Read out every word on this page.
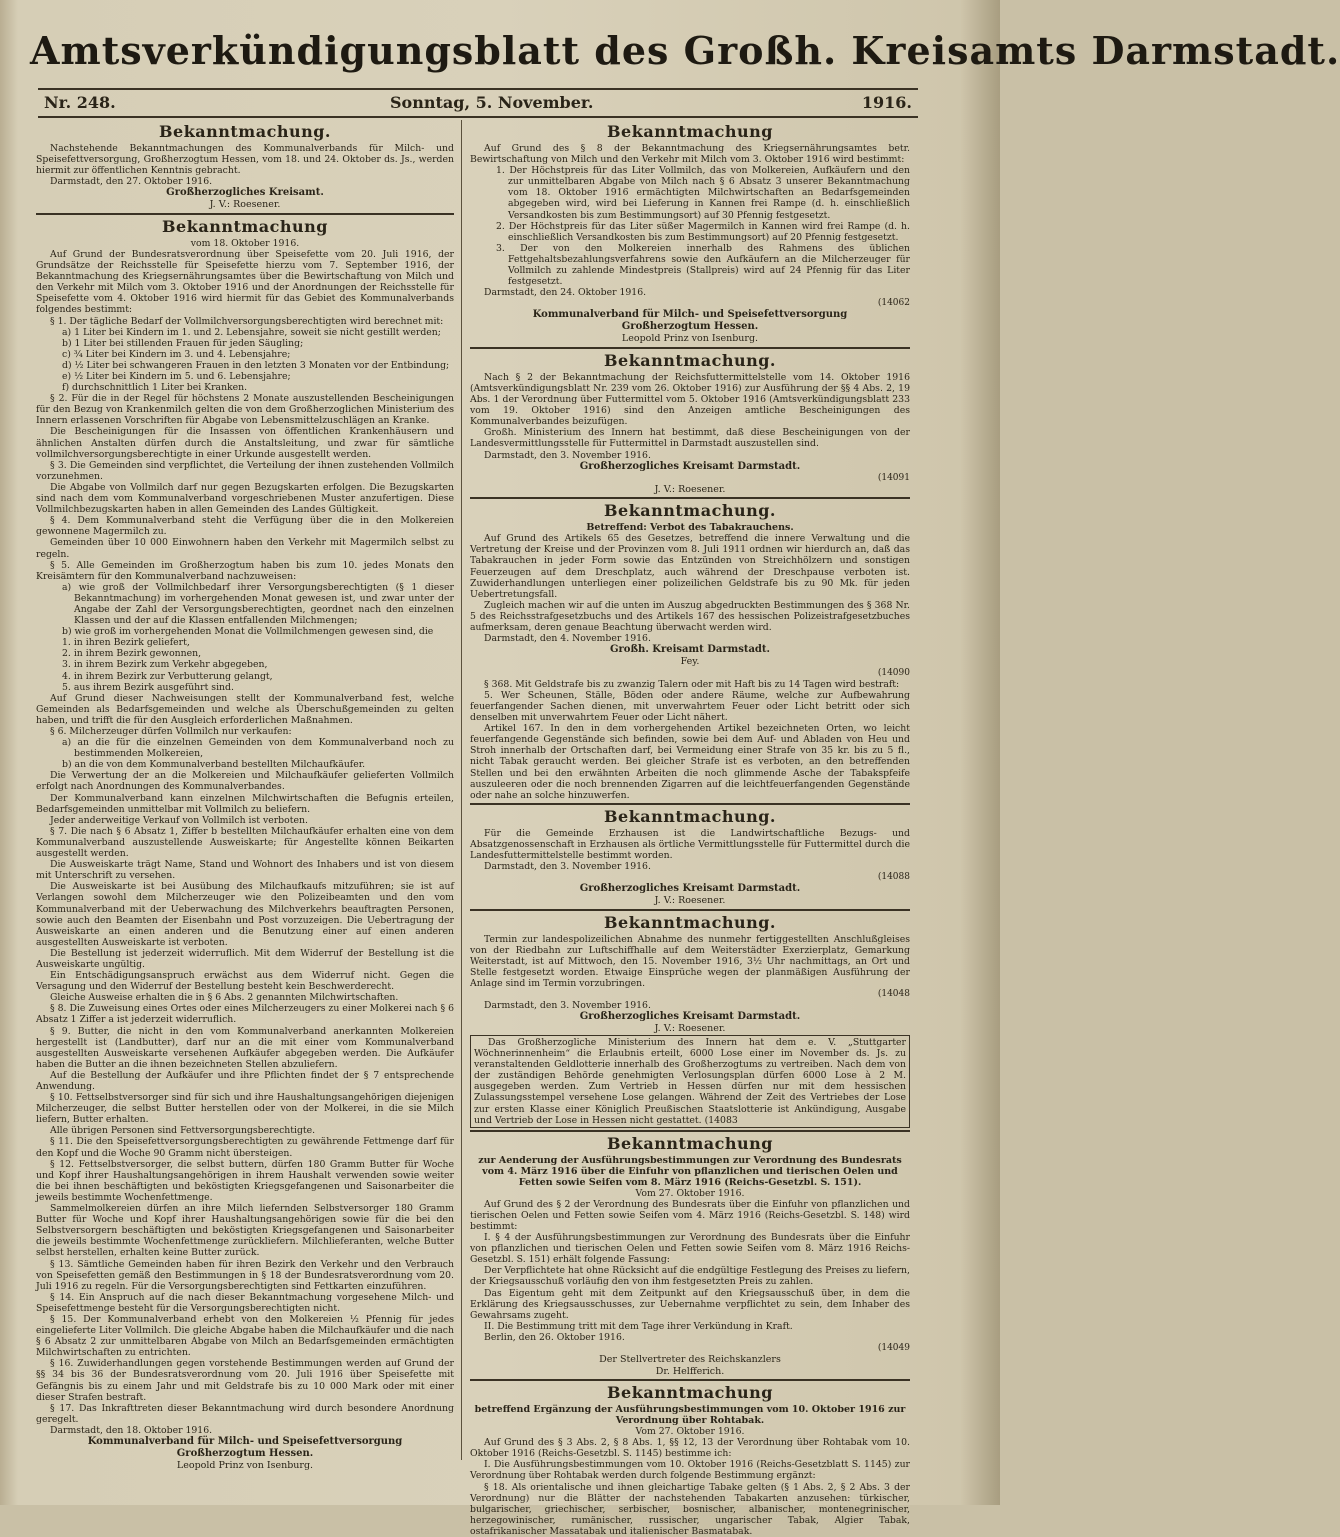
Amtsverkündigungsblatt des Großh. Kreisamts Darmstadt.
Nr. 248.	Sonntag, 5. November.	1916.
Bekanntmachung.
Nachstehende Bekanntmachungen des Kommunalverbands für Milch- und Speisefettversorgung, Großherzogtum Hessen, vom 18. und 24. Oktober ds. Js., werden hiermit zur öffentlichen Kenntnis gebracht.
Darmstadt, den 27. Oktober 1916.
Großherzogliches Kreisamt.
J. V.: Roesener.
Bekanntmachung
vom 18. Oktober 1916.
Auf Grund der Bundesratsverordnung über Speisefette vom 20. Juli 1916, der Grundsätze der Reichsstelle für Speisefette hierzu vom 7. September 1916, der Bekanntmachung des Kriegsernährungsamtes über die Bewirtschaftung von Milch und den Verkehr mit Milch vom 3. Oktober 1916 und der Anordnungen der Reichsstelle für Speisefette vom 4. Oktober 1916 wird hiermit für das Gebiet des Kommunalverbands folgendes bestimmt:
§ 1. Der tägliche Bedarf der Vollmilchversorgungsberechtigten wird berechnet mit:
a) 1 Liter bei Kindern im 1. und 2. Lebensjahre, soweit sie nicht gestillt werden;
b) 1 Liter bei stillenden Frauen für jeden Säugling;
c) ¾ Liter bei Kindern im 3. und 4. Lebensjahre;
d) ½ Liter bei schwangeren Frauen in den letzten 3 Monaten vor der Entbindung;
e) ½ Liter bei Kindern im 5. und 6. Lebensjahre;
f) durchschnittlich 1 Liter bei Kranken.
§ 2. Für die in der Regel für höchstens 2 Monate auszustellenden Bescheinigungen für den Bezug von Krankenmilch gelten die von dem Großherzoglichen Ministerium des Innern erlassenen Vorschriften für Abgabe von Lebensmittelzuschlägen an Kranke.
Die Bescheinigungen für die Insassen von öffentlichen Krankenhäusern und ähnlichen Anstalten dürfen durch die Anstaltsleitung, und zwar für sämtliche vollmilchversorgungsberechtigte in einer Urkunde ausgestellt werden.
§ 3. Die Gemeinden sind verpflichtet, die Verteilung der ihnen zustehenden Vollmilch vorzunehmen.
Die Abgabe von Vollmilch darf nur gegen Bezugskarten erfolgen. Die Bezugskarten sind nach dem vom Kommunalverband vorgeschriebenen Muster anzufertigen. Diese Vollmilchbezugskarten haben in allen Gemeinden des Landes Gültigkeit.
§ 4. Dem Kommunalverband steht die Verfügung über die in den Molkereien gewonnene Magermilch zu.
Gemeinden über 10 000 Einwohnern haben den Verkehr mit Magermilch selbst zu regeln.
§ 5. Alle Gemeinden im Großherzogtum haben bis zum 10. jedes Monats den Kreisämtern für den Kommunalverband nachzuweisen:
a) wie groß der Vollmilchbedarf ihrer Versorgungsberechtigten (§ 1 dieser Bekanntmachung) im vorhergehenden Monat gewesen ist, und zwar unter der Angabe der Zahl der Versorgungsberechtigten, geordnet nach den einzelnen Klassen und der auf die Klassen entfallenden Milchmengen;
b) wie groß im vorhergehenden Monat die Vollmilchmengen gewesen sind, die
1. in ihren Bezirk geliefert,
2. in ihrem Bezirk gewonnen,
3. in ihrem Bezirk zum Verkehr abgegeben,
4. in ihrem Bezirk zur Verbutterung gelangt,
5. aus ihrem Bezirk ausgeführt sind.
Auf Grund dieser Nachweisungen stellt der Kommunalverband fest, welche Gemeinden als Bedarfsgemeinden und welche als Überschußgemeinden zu gelten haben, und trifft die für den Ausgleich erforderlichen Maßnahmen.
§ 6. Milcherzeuger dürfen Vollmilch nur verkaufen:
a) an die für die einzelnen Gemeinden von dem Kommunalverband noch zu bestimmenden Molkereien,
b) an die von dem Kommunalverband bestellten Milchaufkäufer.
Die Verwertung der an die Molkereien und Milchaufkäufer gelieferten Vollmilch erfolgt nach Anordnungen des Kommunalverbandes.
Der Kommunalverband kann einzelnen Milchwirtschaften die Befugnis erteilen, Bedarfsgemeinden unmittelbar mit Vollmilch zu beliefern.
Jeder anderweitige Verkauf von Vollmilch ist verboten.
§ 7. Die nach § 6 Absatz 1, Ziffer b bestellten Milchaufkäufer erhalten eine von dem Kommunalverband auszustellende Ausweiskarte; für Angestellte können Beikarten ausgestellt werden.
Die Ausweiskarte trägt Name, Stand und Wohnort des Inhabers und ist von diesem mit Unterschrift zu versehen.
Die Ausweiskarte ist bei Ausübung des Milchaufkaufs mitzuführen; sie ist auf Verlangen sowohl dem Milcherzeuger wie den Polizeibeamten und den vom Kommunalverband mit der Ueberwachung des Milchverkehrs beauftragten Personen, sowie auch den Beamten der Eisenbahn und Post vorzuzeigen. Die Uebertragung der Ausweiskarte an einen anderen und die Benutzung einer auf einen anderen ausgestellten Ausweiskarte ist verboten.
Die Bestellung ist jederzeit widerruflich. Mit dem Widerruf der Bestellung ist die Ausweiskarte ungültig.
Ein Entschädigungsanspruch erwächst aus dem Widerruf nicht. Gegen die Versagung und den Widerruf der Bestellung besteht kein Beschwerderecht.
Gleiche Ausweise erhalten die in § 6 Abs. 2 genannten Milchwirtschaften.
§ 8. Die Zuweisung eines Ortes oder eines Milcherzeugers zu einer Molkerei nach § 6 Absatz 1 Ziffer a ist jederzeit widerruflich.
§ 9. Butter, die nicht in den vom Kommunalverband anerkannten Molkereien hergestellt ist (Landbutter), darf nur an die mit einer vom Kommunalverband ausgestellten Ausweiskarte versehenen Aufkäufer abgegeben werden. Die Aufkäufer haben die Butter an die ihnen bezeichneten Stellen abzuliefern.
Auf die Bestellung der Aufkäufer und ihre Pflichten findet der § 7 entsprechende Anwendung.
§ 10. Fettselbstversorger sind für sich und ihre Haushaltungsangehörigen diejenigen Milcherzeuger, die selbst Butter herstellen oder von der Molkerei, in die sie Milch liefern, Butter erhalten.
Alle übrigen Personen sind Fettversorgungsberechtigte.
§ 11. Die den Speisefettversorgungsberechtigten zu gewährende Fettmenge darf für den Kopf und die Woche 90 Gramm nicht übersteigen.
§ 12. Fettselbstversorger, die selbst buttern, dürfen 180 Gramm Butter für Woche und Kopf ihrer Haushaltungsangehörigen in ihrem Haushalt verwenden sowie weiter die bei ihnen beschäftigten und beköstigten Kriegsgefangenen und Saisonarbeiter die jeweils bestimmte Wochenfettmenge.
Sammelmolkereien dürfen an ihre Milch liefernden Selbstversorger 180 Gramm Butter für Woche und Kopf ihrer Haushaltungsangehörigen sowie für die bei den Selbstversorgern beschäftigten und beköstigten Kriegsgefangenen und Saisonarbeiter die jeweils bestimmte Wochenfettmenge zurückliefern. Milchlieferanten, welche Butter selbst herstellen, erhalten keine Butter zurück.
§ 13. Sämtliche Gemeinden haben für ihren Bezirk den Verkehr und den Verbrauch von Speisefetten gemäß den Bestimmungen in § 18 der Bundesratsverordnung vom 20. Juli 1916 zu regeln. Für die Versorgungsberechtigten sind Fettkarten einzuführen.
§ 14. Ein Anspruch auf die nach dieser Bekanntmachung vorgesehene Milch- und Speisefettmenge besteht für die Versorgungsberechtigten nicht.
§ 15. Der Kommunalverband erhebt von den Molkereien ½ Pfennig für jedes eingelieferte Liter Vollmilch. Die gleiche Abgabe haben die Milchaufkäufer und die nach § 6 Absatz 2 zur unmittelbaren Abgabe von Milch an Bedarfsgemeinden ermächtigten Milchwirtschaften zu entrichten.
§ 16. Zuwiderhandlungen gegen vorstehende Bestimmungen werden auf Grund der §§ 34 bis 36 der Bundesratsverordnung vom 20. Juli 1916 über Speisefette mit Gefängnis bis zu einem Jahr und mit Geldstrafe bis zu 10 000 Mark oder mit einer dieser Strafen bestraft.
§ 17. Das Inkrafttreten dieser Bekanntmachung wird durch besondere Anordnung geregelt.
Darmstadt, den 18. Oktober 1916.
Kommunalverband für Milch- und Speisefettversorgung
Großherzogtum Hessen.
Leopold Prinz von Isenburg.
Bekanntmachung
Auf Grund des § 8 der Bekanntmachung des Kriegsernährungsamtes betr. Bewirtschaftung von Milch und den Verkehr mit Milch vom 3. Oktober 1916 wird bestimmt:
1. Der Höchstpreis für das Liter Vollmilch, das von Molkereien, Aufkäufern und den zur unmittelbaren Abgabe von Milch nach § 6 Absatz 3 unserer Bekanntmachung vom 18. Oktober 1916 ermächtigten Milchwirtschaften an Bedarfsgemeinden abgegeben wird, wird bei Lieferung in Kannen frei Rampe (d. h. einschließlich Versandkosten bis zum Bestimmungsort) auf 30 Pfennig festgesetzt.
2. Der Höchstpreis für das Liter süßer Magermilch in Kannen wird frei Rampe (d. h. einschließlich Versandkosten bis zum Bestimmungsort) auf 20 Pfennig festgesetzt.
3. Der von den Molkereien innerhalb des Rahmens des üblichen Fettgehaltsbezahlungsverfahrens sowie den Aufkäufern an die Milcherzeuger für Vollmilch zu zahlende Mindestpreis (Stallpreis) wird auf 24 Pfennig für das Liter festgesetzt.
Darmstadt, den 24. Oktober 1916.
(14062
Kommunalverband für Milch- und Speisefettversorgung
Großherzogtum Hessen.
Leopold Prinz von Isenburg.
Bekanntmachung.
Nach § 2 der Bekanntmachung der Reichsfuttermittelstelle vom 14. Oktober 1916 (Amtsverkündigungsblatt Nr. 239 vom 26. Oktober 1916) zur Ausführung der §§ 4 Abs. 2, 19 Abs. 1 der Verordnung über Futtermittel vom 5. Oktober 1916 (Amtsverkündigungsblatt 233 vom 19. Oktober 1916) sind den Anzeigen amtliche Bescheinigungen des Kommunalverbandes beizufügen.
Großh. Ministerium des Innern hat bestimmt, daß diese Bescheinigungen von der Landesvermittlungsstelle für Futtermittel in Darmstadt auszustellen sind.
Darmstadt, den 3. November 1916.
Großherzogliches Kreisamt Darmstadt.
(14091
J. V.: Roesener.
Bekanntmachung.
Betreffend: Verbot des Tabakrauchens.
Auf Grund des Artikels 65 des Gesetzes, betreffend die innere Verwaltung und die Vertretung der Kreise und der Provinzen vom 8. Juli 1911 ordnen wir hierdurch an, daß das Tabakrauchen in jeder Form sowie das Entzünden von Streichhölzern und sonstigen Feuerzeugen auf dem Dreschplatz, auch während der Dreschpause verboten ist. Zuwiderhandlungen unterliegen einer polizeilichen Geldstrafe bis zu 90 Mk. für jeden Uebertretungsfall.
Zugleich machen wir auf die unten im Auszug abgedruckten Bestimmungen des § 368 Nr. 5 des Reichsstrafgesetzbuchs und des Artikels 167 des hessischen Polizeistrafgesetzbuches aufmerksam, deren genaue Beachtung überwacht werden wird.
Darmstadt, den 4. November 1916.
Großh. Kreisamt Darmstadt.
Fey.
(14090
§ 368. Mit Geldstrafe bis zu zwanzig Talern oder mit Haft bis zu 14 Tagen wird bestraft:
5. Wer Scheunen, Ställe, Böden oder andere Räume, welche zur Aufbewahrung feuerfangender Sachen dienen, mit unverwahrtem Feuer oder Licht betritt oder sich denselben mit unverwahrtem Feuer oder Licht nähert.
Artikel 167. In den in dem vorhergehenden Artikel bezeichneten Orten, wo leicht feuerfangende Gegenstände sich befinden, sowie bei dem Auf- und Abladen von Heu und Stroh innerhalb der Ortschaften darf, bei Vermeidung einer Strafe von 35 kr. bis zu 5 fl., nicht Tabak geraucht werden. Bei gleicher Strafe ist es verboten, an den betreffenden Stellen und bei den erwähnten Arbeiten die noch glimmende Asche der Tabakspfeife auszuleeren oder die noch brennenden Zigarren auf die leichtfeuerfangenden Gegenstände oder nahe an solche hinzuwerfen.
Bekanntmachung.
Für die Gemeinde Erzhausen ist die Landwirtschaftliche Bezugs- und Absatzgenossenschaft in Erzhausen als örtliche Vermittlungsstelle für Futtermittel durch die Landesfuttermittelstelle bestimmt worden.
Darmstadt, den 3. November 1916.
(14088
Großherzogliches Kreisamt Darmstadt.
J. V.: Roesener.
Bekanntmachung.
Termin zur landespolizeilichen Abnahme des nunmehr fertiggestellten Anschlußgleises von der Riedbahn zur Luftschiffhalle auf dem Weiterstädter Exerzierplatz, Gemarkung Weiterstadt, ist auf Mittwoch, den 15. November 1916, 3½ Uhr nachmittags, an Ort und Stelle festgesetzt worden. Etwaige Einsprüche wegen der planmäßigen Ausführung der Anlage sind im Termin vorzubringen.
(14048
Darmstadt, den 3. November 1916.
Großherzogliches Kreisamt Darmstadt.
J. V.: Roesener.
Das Großherzogliche Ministerium des Innern hat dem e. V. „Stuttgarter Wöchnerinnenheim“ die Erlaubnis erteilt, 6000 Lose einer im November ds. Js. zu veranstaltenden Geldlotterie innerhalb des Großherzogtums zu vertreiben. Nach dem von der zuständigen Behörde genehmigten Verlosungsplan dürfen 6000 Lose à 2 M. ausgegeben werden. Zum Vertrieb in Hessen dürfen nur mit dem hessischen Zulassungsstempel versehene Lose gelangen. Während der Zeit des Vertriebes der Lose zur ersten Klasse einer Königlich Preußischen Staatslotterie ist Ankündigung, Ausgabe und Vertrieb der Lose in Hessen nicht gestattet. (14083
Bekanntmachung
zur Aenderung der Ausführungsbestimmungen zur Verordnung des Bundesrats vom 4. März 1916 über die Einfuhr von pflanzlichen und tierischen Oelen und Fetten sowie Seifen vom 8. März 1916 (Reichs-Gesetzbl. S. 151).
Vom 27. Oktober 1916.
Auf Grund des § 2 der Verordnung des Bundesrats über die Einfuhr von pflanzlichen und tierischen Oelen und Fetten sowie Seifen vom 4. März 1916 (Reichs-Gesetzbl. S. 148) wird bestimmt:
I. § 4 der Ausführungsbestimmungen zur Verordnung des Bundesrats über die Einfuhr von pflanzlichen und tierischen Oelen und Fetten sowie Seifen vom 8. März 1916 Reichs-Gesetzbl. S. 151) erhält folgende Fassung:
Der Verpflichtete hat ohne Rücksicht auf die endgültige Festlegung des Preises zu liefern, der Kriegsausschuß vorläufig den von ihm festgesetzten Preis zu zahlen.
Das Eigentum geht mit dem Zeitpunkt auf den Kriegsausschuß über, in dem die Erklärung des Kriegsausschusses, zur Uebernahme verpflichtet zu sein, dem Inhaber des Gewahrsams zugeht.
II. Die Bestimmung tritt mit dem Tage ihrer Verkündung in Kraft.
Berlin, den 26. Oktober 1916.
(14049
Der Stellvertreter des Reichskanzlers
Dr. Helfferich.
Bekanntmachung
betreffend Ergänzung der Ausführungsbestimmungen vom 10. Oktober 1916 zur Verordnung über Rohtabak.
Vom 27. Oktober 1916.
Auf Grund des § 3 Abs. 2, § 8 Abs. 1, §§ 12, 13 der Verordnung über Rohtabak vom 10. Oktober 1916 (Reichs-Gesetzbl. S. 1145) bestimme ich:
I. Die Ausführungsbestimmungen vom 10. Oktober 1916 (Reichs-Gesetzblatt S. 1145) zur Verordnung über Rohtabak werden durch folgende Bestimmung ergänzt:
§ 18. Als orientalische und ihnen gleichartige Tabake gelten (§ 1 Abs. 2, § 2 Abs. 3 der Verordnung) nur die Blätter der nachstehenden Tabakarten anzusehen: türkischer, bulgarischer, griechischer, serbischer, bosnischer, albanischer, montenegrinischer, herzegowinischer, rumänischer, russischer, ungarischer Tabak, Algier Tabak, ostafrikanischer Massatabak und italienischer Basmatabak.
